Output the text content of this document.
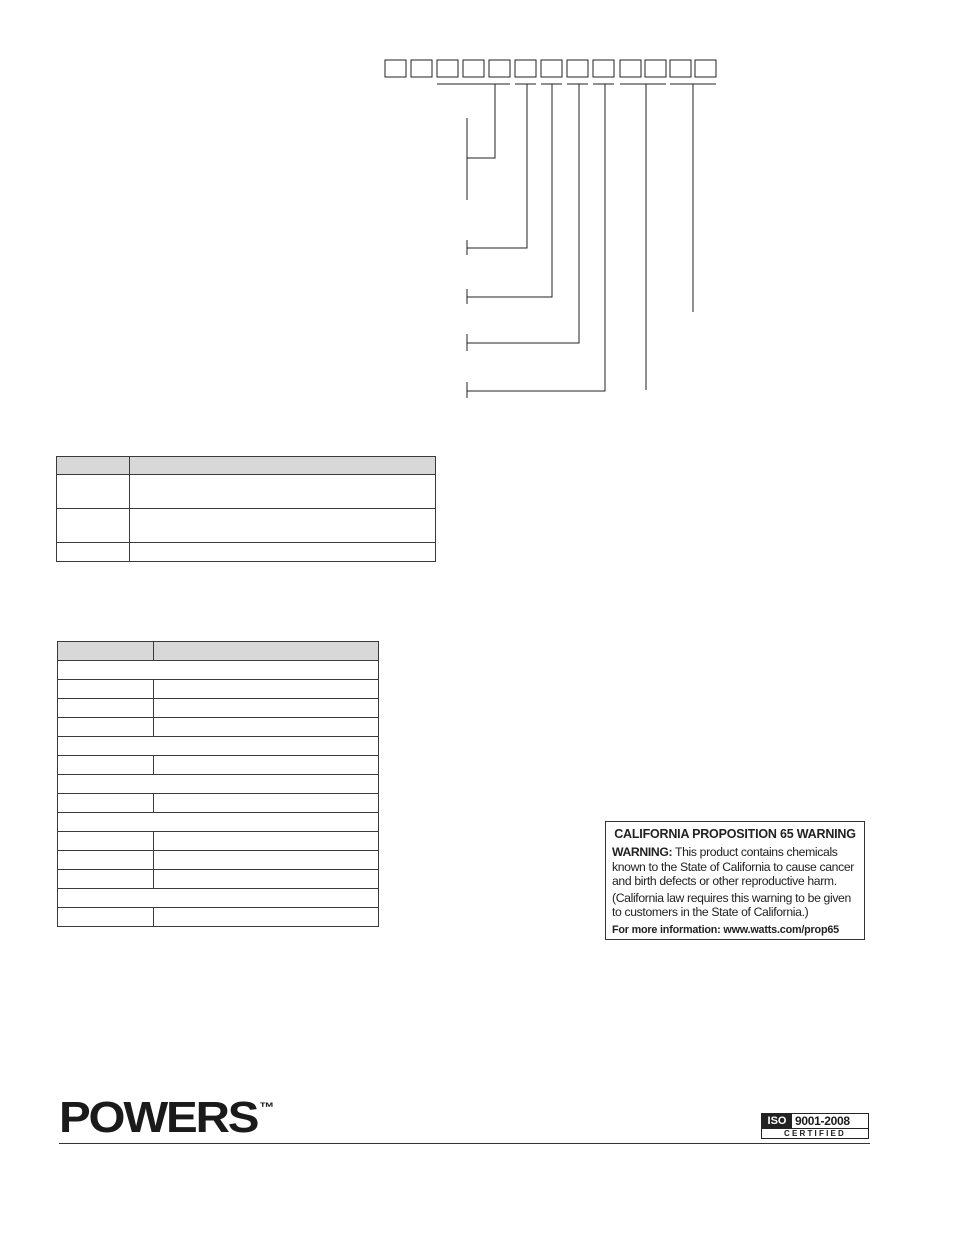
CALIFORNIA PROPOSITION 65 WARNING
WARNING: This product contains chemicals known to the State of California to cause cancer and birth defects or other reproductive harm.
(California law requires this warning to be given to customers in the State of California.)
For more information: www.watts.com/prop65
POWERS ™
ISO 9001-2008
CERTIFIED
